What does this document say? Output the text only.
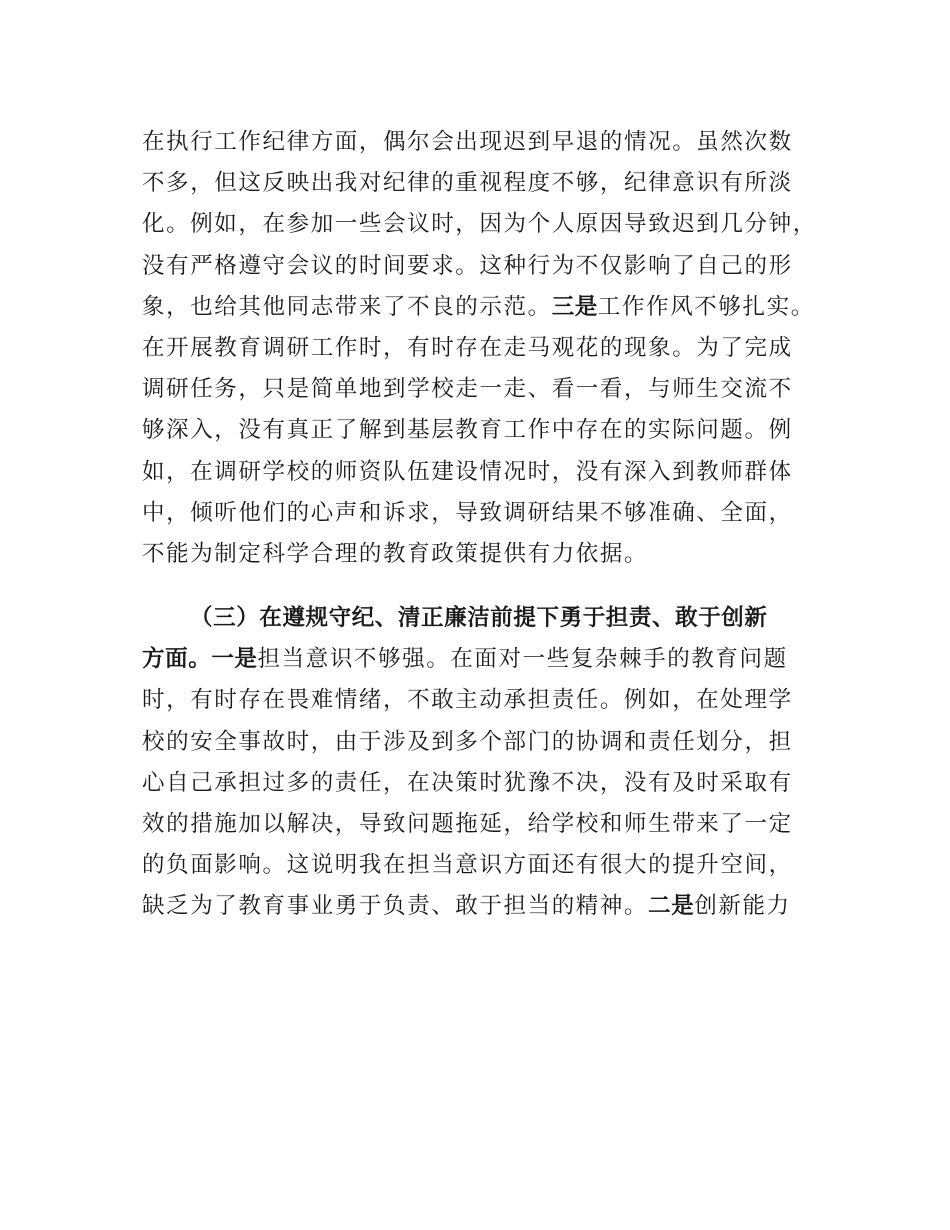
在执行工作纪律方面，偶尔会出现迟到早退的情况。虽然次数
不多，但这反映出我对纪律的重视程度不够，纪律意识有所淡
化。例如，在参加一些会议时，因为个人原因导致迟到几分钟，
没有严格遵守会议的时间要求。这种行为不仅影响了自己的形
象，也给其他同志带来了不良的示范。三是工作作风不够扎实。
在开展教育调研工作时，有时存在走马观花的现象。为了完成
调研任务，只是简单地到学校走一走、看一看，与师生交流不
够深入，没有真正了解到基层教育工作中存在的实际问题。例
如，在调研学校的师资队伍建设情况时，没有深入到教师群体
中，倾听他们的心声和诉求，导致调研结果不够准确、全面，
不能为制定科学合理的教育政策提供有力依据。
（三）在遵规守纪、清正廉洁前提下勇于担责、敢于创新
方面。一是担当意识不够强。在面对一些复杂棘手的教育问题
时，有时存在畏难情绪，不敢主动承担责任。例如，在处理学
校的安全事故时，由于涉及到多个部门的协调和责任划分，担
心自己承担过多的责任，在决策时犹豫不决，没有及时采取有
效的措施加以解决，导致问题拖延，给学校和师生带来了一定
的负面影响。这说明我在担当意识方面还有很大的提升空间，
缺乏为了教育事业勇于负责、敢于担当的精神。二是创新能力
